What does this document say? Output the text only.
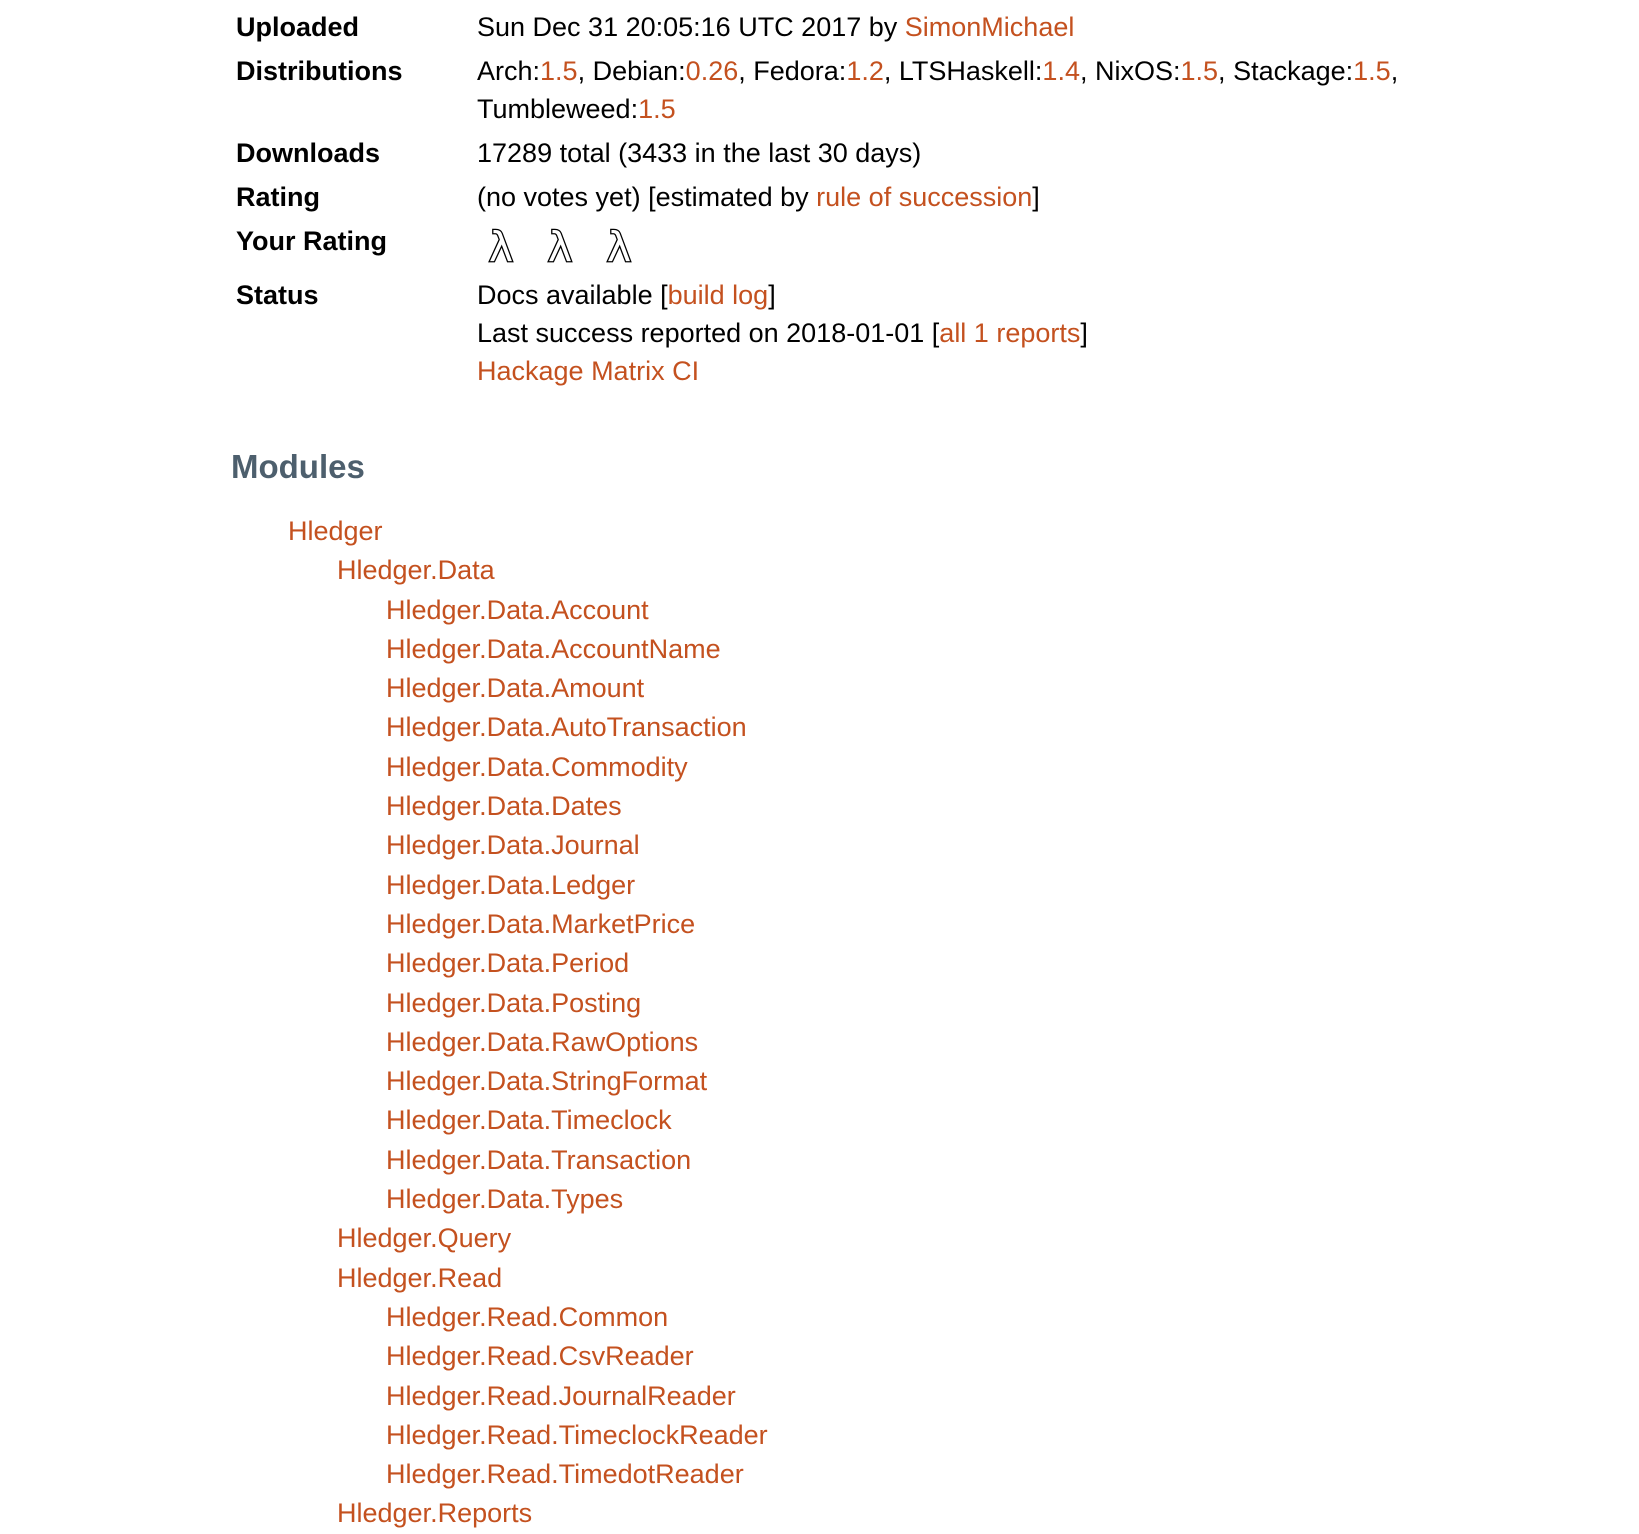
Uploaded	Sun Dec 31 20:05:16 UTC 2017 by SimonMichael
Distributions	Arch:1.5, Debian:0.26, Fedora:1.2, LTSHaskell:1.4, NixOS:1.5, Stackage:1.5, Tumbleweed:1.5
Downloads	17289 total (3433 in the last 30 days)
Rating	(no votes yet) [estimated by rule of succession]
Your Rating	λ λ λ

Status	Docs available [build log]
Last success reported on 2018-01-01 [all 1 reports]
Hackage Matrix CI
Modules
Hledger
Hledger.Data
Hledger.Data.Account
Hledger.Data.AccountName
Hledger.Data.Amount
Hledger.Data.AutoTransaction
Hledger.Data.Commodity
Hledger.Data.Dates
Hledger.Data.Journal
Hledger.Data.Ledger
Hledger.Data.MarketPrice
Hledger.Data.Period
Hledger.Data.Posting
Hledger.Data.RawOptions
Hledger.Data.StringFormat
Hledger.Data.Timeclock
Hledger.Data.Transaction
Hledger.Data.Types
Hledger.Query
Hledger.Read
Hledger.Read.Common
Hledger.Read.CsvReader
Hledger.Read.JournalReader
Hledger.Read.TimeclockReader
Hledger.Read.TimedotReader
Hledger.Reports
